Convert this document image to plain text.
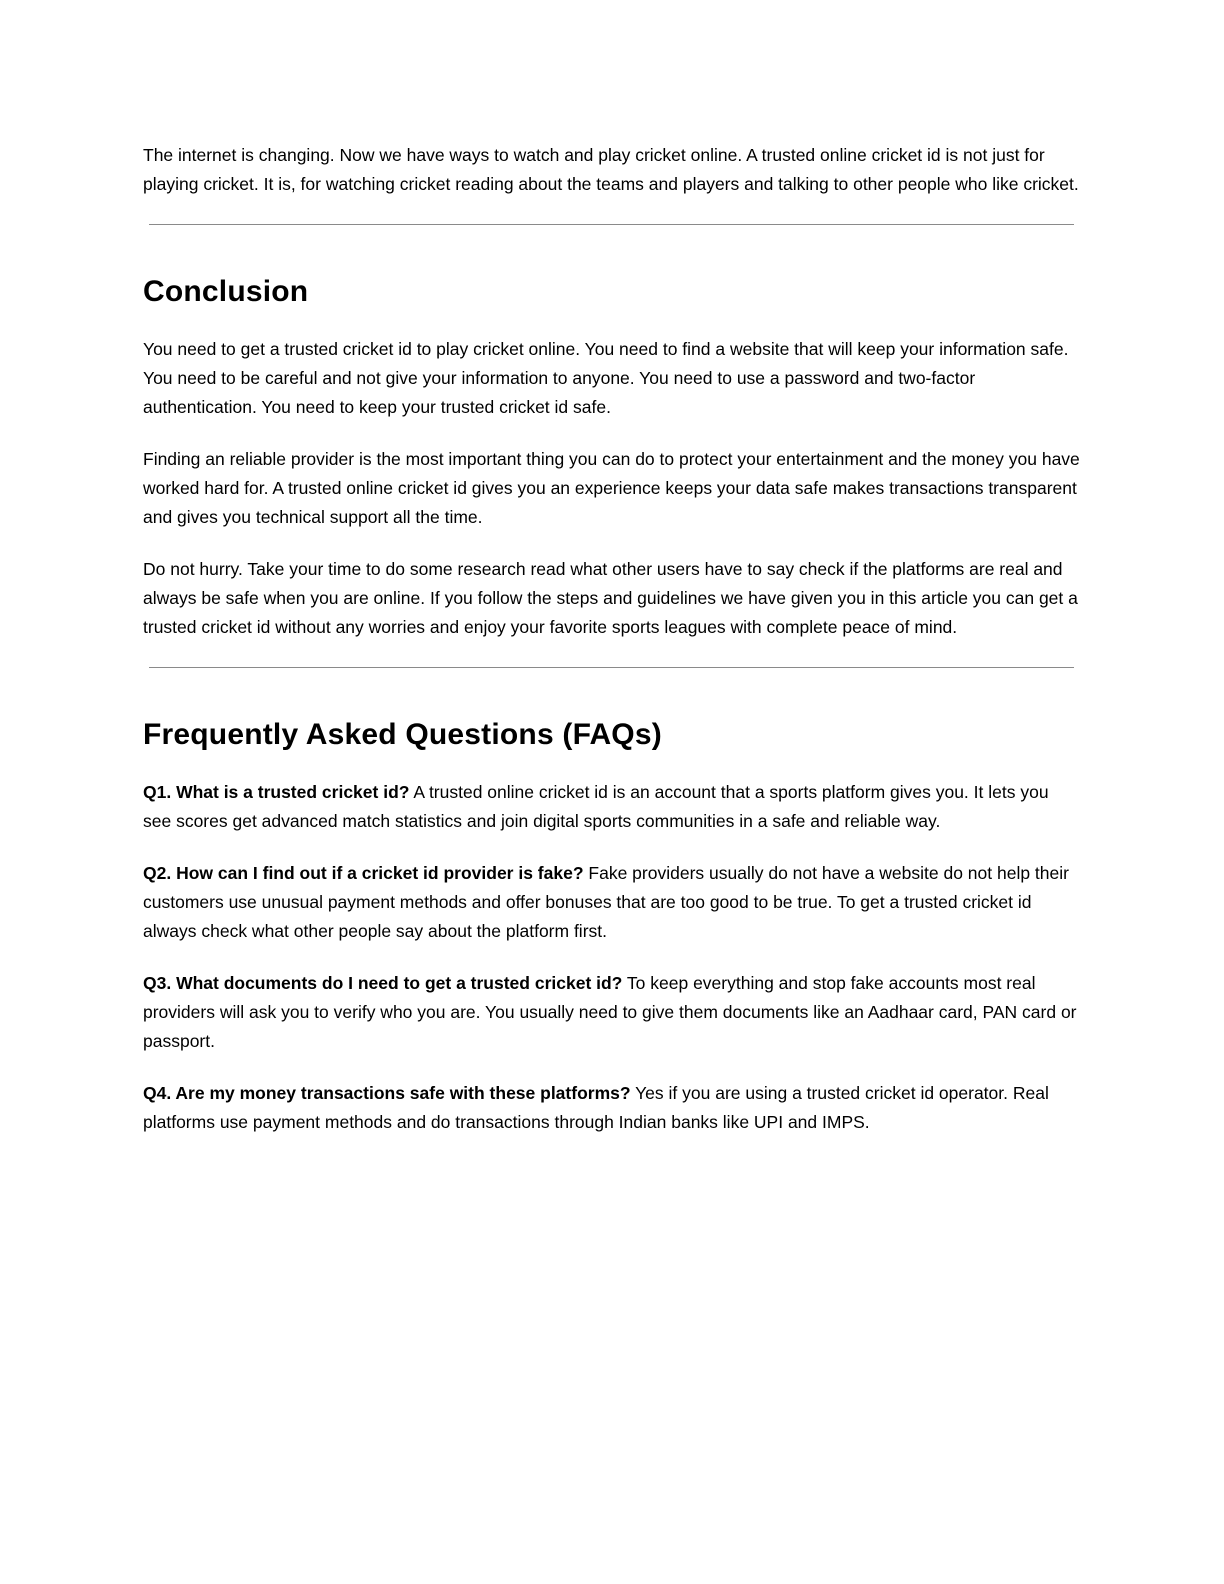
The internet is changing. Now we have ways to watch and play cricket online. A trusted online cricket id is not just for playing cricket. It is, for watching cricket reading about the teams and players and talking to other people who like cricket.

Conclusion

You need to get a trusted cricket id to play cricket online. You need to find a website that will keep your information safe. You need to be careful and not give your information to anyone. You need to use a password and two-factor authentication. You need to keep your trusted cricket id safe.

Finding an reliable provider is the most important thing you can do to protect your entertainment and the money you have worked hard for. A trusted online cricket id gives you an experience keeps your data safe makes transactions transparent and gives you technical support all the time.

Do not hurry. Take your time to do some research read what other users have to say check if the platforms are real and always be safe when you are online. If you follow the steps and guidelines we have given you in this article you can get a trusted cricket id without any worries and enjoy your favorite sports leagues with complete peace of mind.

Frequently Asked Questions (FAQs)

Q1. What is a trusted cricket id? A trusted online cricket id is an account that a sports platform gives you. It lets you see scores get advanced match statistics and join digital sports communities in a safe and reliable way.

Q2. How can I find out if a cricket id provider is fake? Fake providers usually do not have a website do not help their customers use unusual payment methods and offer bonuses that are too good to be true. To get a trusted cricket id always check what other people say about the platform first.

Q3. What documents do I need to get a trusted cricket id? To keep everything and stop fake accounts most real providers will ask you to verify who you are. You usually need to give them documents like an Aadhaar card, PAN card or passport.

Q4. Are my money transactions safe with these platforms? Yes if you are using a trusted cricket id operator. Real platforms use payment methods and do transactions through Indian banks like UPI and IMPS.
